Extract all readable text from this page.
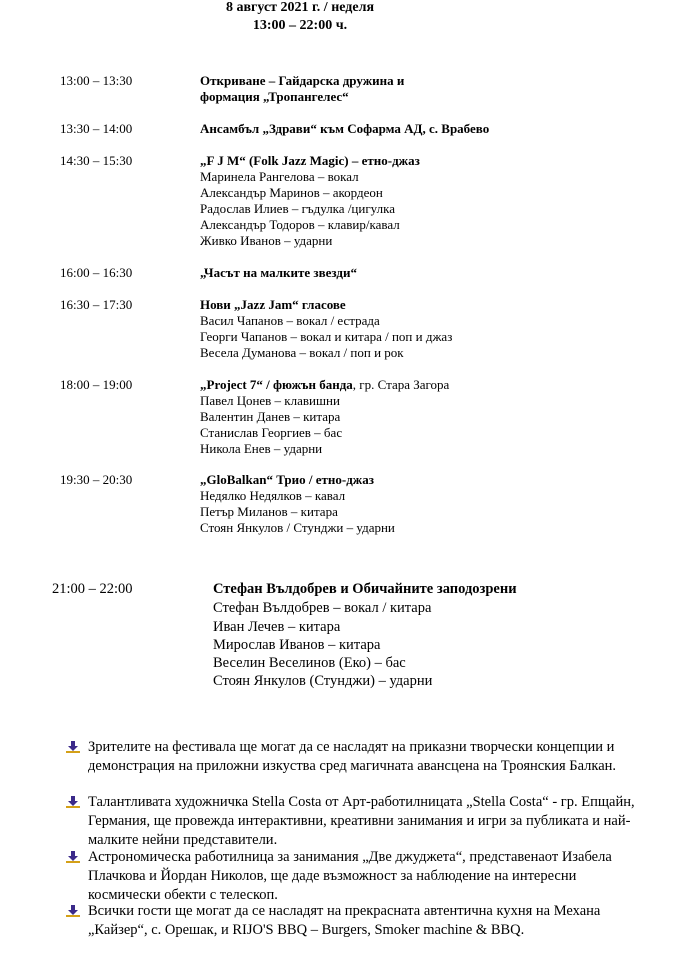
8 август 2021 г. / неделя
13:00 – 22:00 ч.
13:00 – 13:30	Откриване – Гайдарска дружина и
формация „Тропангелес“
13:30 – 14:00	Ансамбъл „Здрави“ към Софарма АД, с. Врабево
14:30 – 15:30	„F J M“ (Folk Jazz Magic) – етно-джаз
Маринела Рангелова – вокал
Александър Маринов – акордеон
Радослав Илиев – гъдулка /цигулка
Александър Тодоров – клавир/кавал
Живко Иванов – ударни
16:00 – 16:30	„Часът на малките звезди“
16:30 – 17:30	Нови „Jazz Jam“ гласове
Васил Чапанов – вокал / естрада
Георги Чапанов – вокал и китара / поп и джаз
Весела Думанова – вокал / поп и рок
18:00 – 19:00	„Project 7“ / фюжън банда, гр. Стара Загора
Павел Цонев – клавишни
Валентин Данев – китара
Станислав Георгиев – бас
Никола Енев – ударни
19:30 – 20:30	„GloBalkan“ Трио / етно-джаз
Недялко Недялков – кавал
Петър Миланов – китара
Стоян Янкулов / Стунджи – ударни
21:00 – 22:00	Стефан Вълдобрев и Обичайните заподозрени
Стефан Вълдобрев – вокал / китара
Иван Лечев – китара
Мирослав Иванов – китара
Веселин Веселинов (Еко) – бас
Стоян Янкулов (Стунджи) – ударни
Зрителите на фестивала ще могат да се насладят на приказни творчески концепции и демонстрация на приложни изкуства сред магичната авансцена на Троянския Балкан.
Талантливата художничка Stella Costa от Арт-работилницата „Stella Costa“ - гр. Епщайн, Германия, ще провежда интерактивни, креативни занимания и игри за публиката и най-малките нейни представители.
Астрономическа работилница за занимания „Две джуджета“, представенаот Изабела Плачкова и Йордан Николов, ще даде възможност за наблюдение на интересни космически обекти с телескоп.
Всички гости ще могат да се насладят на прекрасната автентична кухня на Механа „Кайзер“, с. Орешак, и RIJO'S BBQ – Burgers, Smoker machine & BBQ.
